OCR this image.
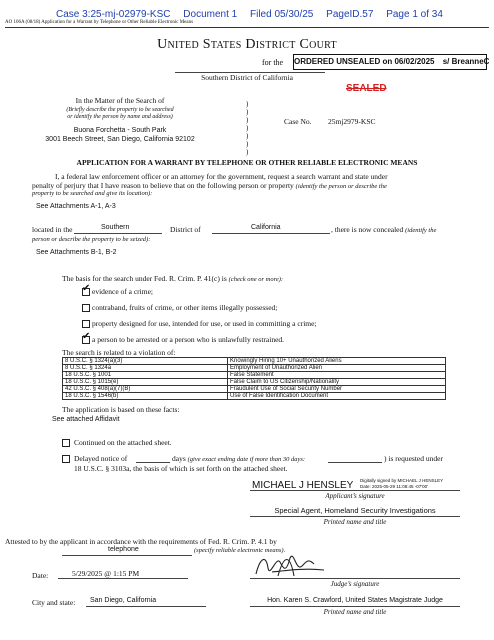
Case 3:25-mj-02979-KSC Document 1 Filed 05/30/25 PageID.57 Page 1 of 34
AO 106A (08/18) Application for a Warrant by Telephone or Other Reliable Electronic Means
United States District Court
for the
Southern District of California
ORDERED UNSEALED on 06/02/2025 s/ BreanneC
SEALED
In the Matter of the Search of
(Briefly describe the property to be searched
or identify the person by name and address)
Buona Forchetta - South Park
3001 Beech Street, San Diego, California 92102
)
)
)
)
)
)
)
Case No. 25mj2979-KSC
APPLICATION FOR A WARRANT BY TELEPHONE OR OTHER RELIABLE ELECTRONIC MEANS
I, a federal law enforcement officer or an attorney for the government, request a search warrant and state under
penalty of perjury that I have reason to believe that on the following person or property (identify the person or describe the
property to be searched and give its location):
See Attachments A-1, A-3
located in the	Southern	District of	California	, there is now concealed (identify the
person or describe the property to be seized):
See Attachments B-1, B-2
The basis for the search under Fed. R. Crim. P. 41(c) is (check one or more):
✔ evidence of a crime;
contraband, fruits of crime, or other items illegally possessed;
property designed for use, intended for use, or used in committing a crime;
✔ a person to be arrested or a person who is unlawfully restrained.
The search is related to a violation of:
8 U.S.C. § 1324(a)(3)	Knowingly Hiring 10+ Unauthorized Aliens
8 U.S.C. § 1324a	Employment of Unauthorized Alien
18 U.S.C. § 1001	False Statement
18 U.S.C. § 1015(e)	False Claim to US Citizenship/Nationality
42 U.S.C. § 408(a)(7)(B)	Fraudulent Use of Social Security Number
18 U.S.C. § 1546(b)	Use of False Identification Document
The application is based on these facts:
See attached Affidavit
Continued on the attached sheet.
Delayed notice of	days (give exact ending date if more than 30 days:	) is requested under
18 U.S.C. § 3103a, the basis of which is set forth on the attached sheet.
MICHAEL J HENSLEY Digitally signed by MICHAEL J HENSLEY
Date: 2025-05-29 11:08:45 -07'00'
Applicant’s signature
Special Agent, Homeland Security Investigations
Printed name and title
Attested to by the applicant in accordance with the requirements of Fed. R. Crim. P. 4.1 by
telephone	(specify reliable electronic means).
Judge’s signature
Date:	5/29/2025 @ 1:15 PM
City and state: San Diego, California	Hon. Karen S. Crawford, United States Magistrate Judge
Printed name and title
